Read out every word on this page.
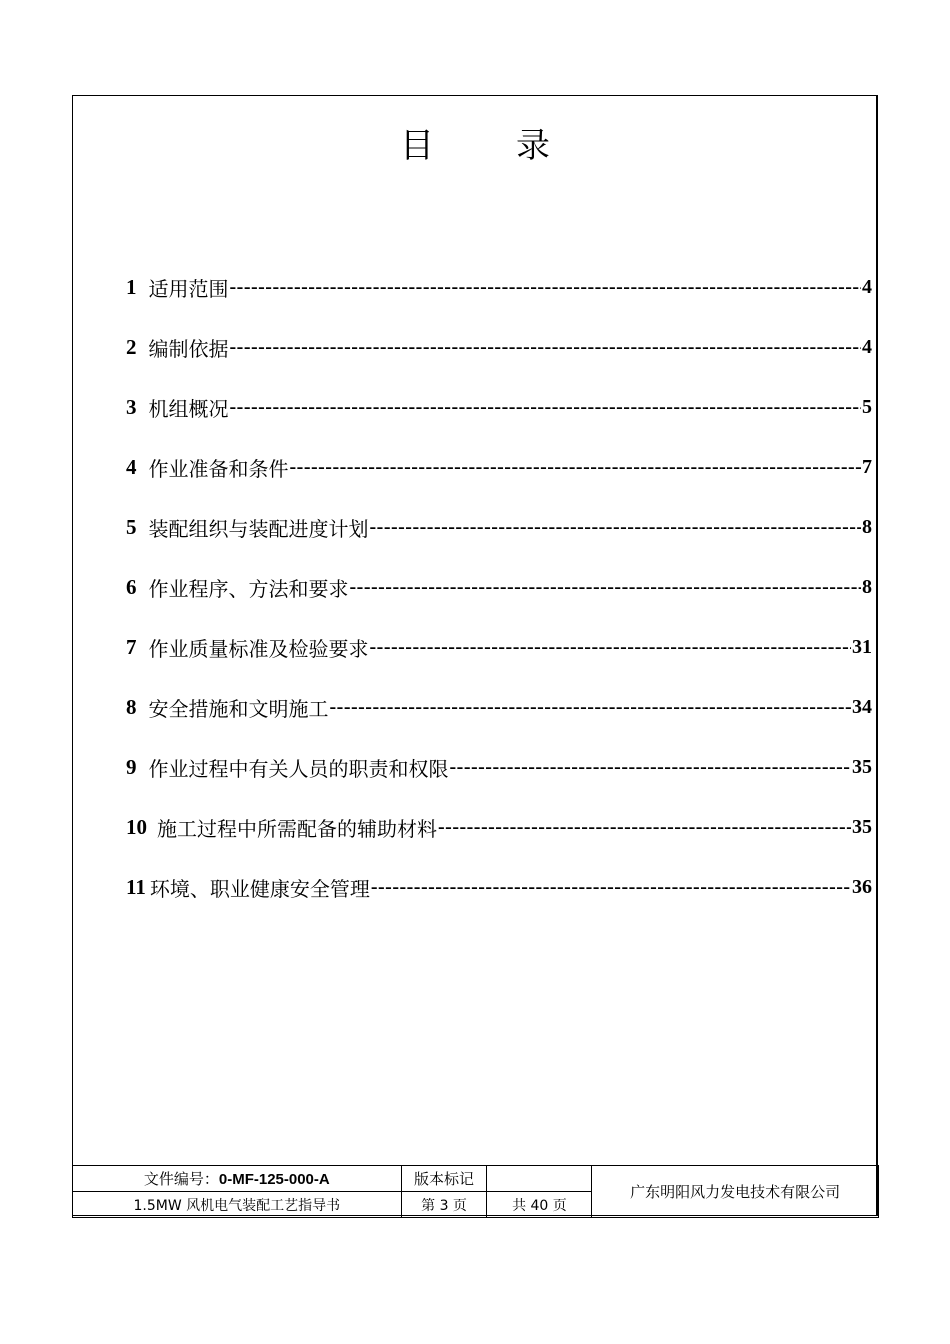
目 录
1 适用范围 -----	4
2 编制依据 -----	4
3 机组概况 -----	5
4 作业准备和条件 -----	7
5 装配组织与装配进度计划 -----	8
6 作业程序、方法和要求 -----	8
7 作业质量标准及检验要求 -----	31
8 安全措施和文明施工 -----	34
9 作业过程中有关人员的职责和权限 -----	35
10 施工过程中所需配备的辅助材料 -----	35
11 环境、职业健康安全管理 -----	36
文件编号：0-MF-125-000-A	版本标记		广东明阳风力发电技术有限公司
1.5MW 风机电气装配工艺指导书	第 3 页	共 40 页	
